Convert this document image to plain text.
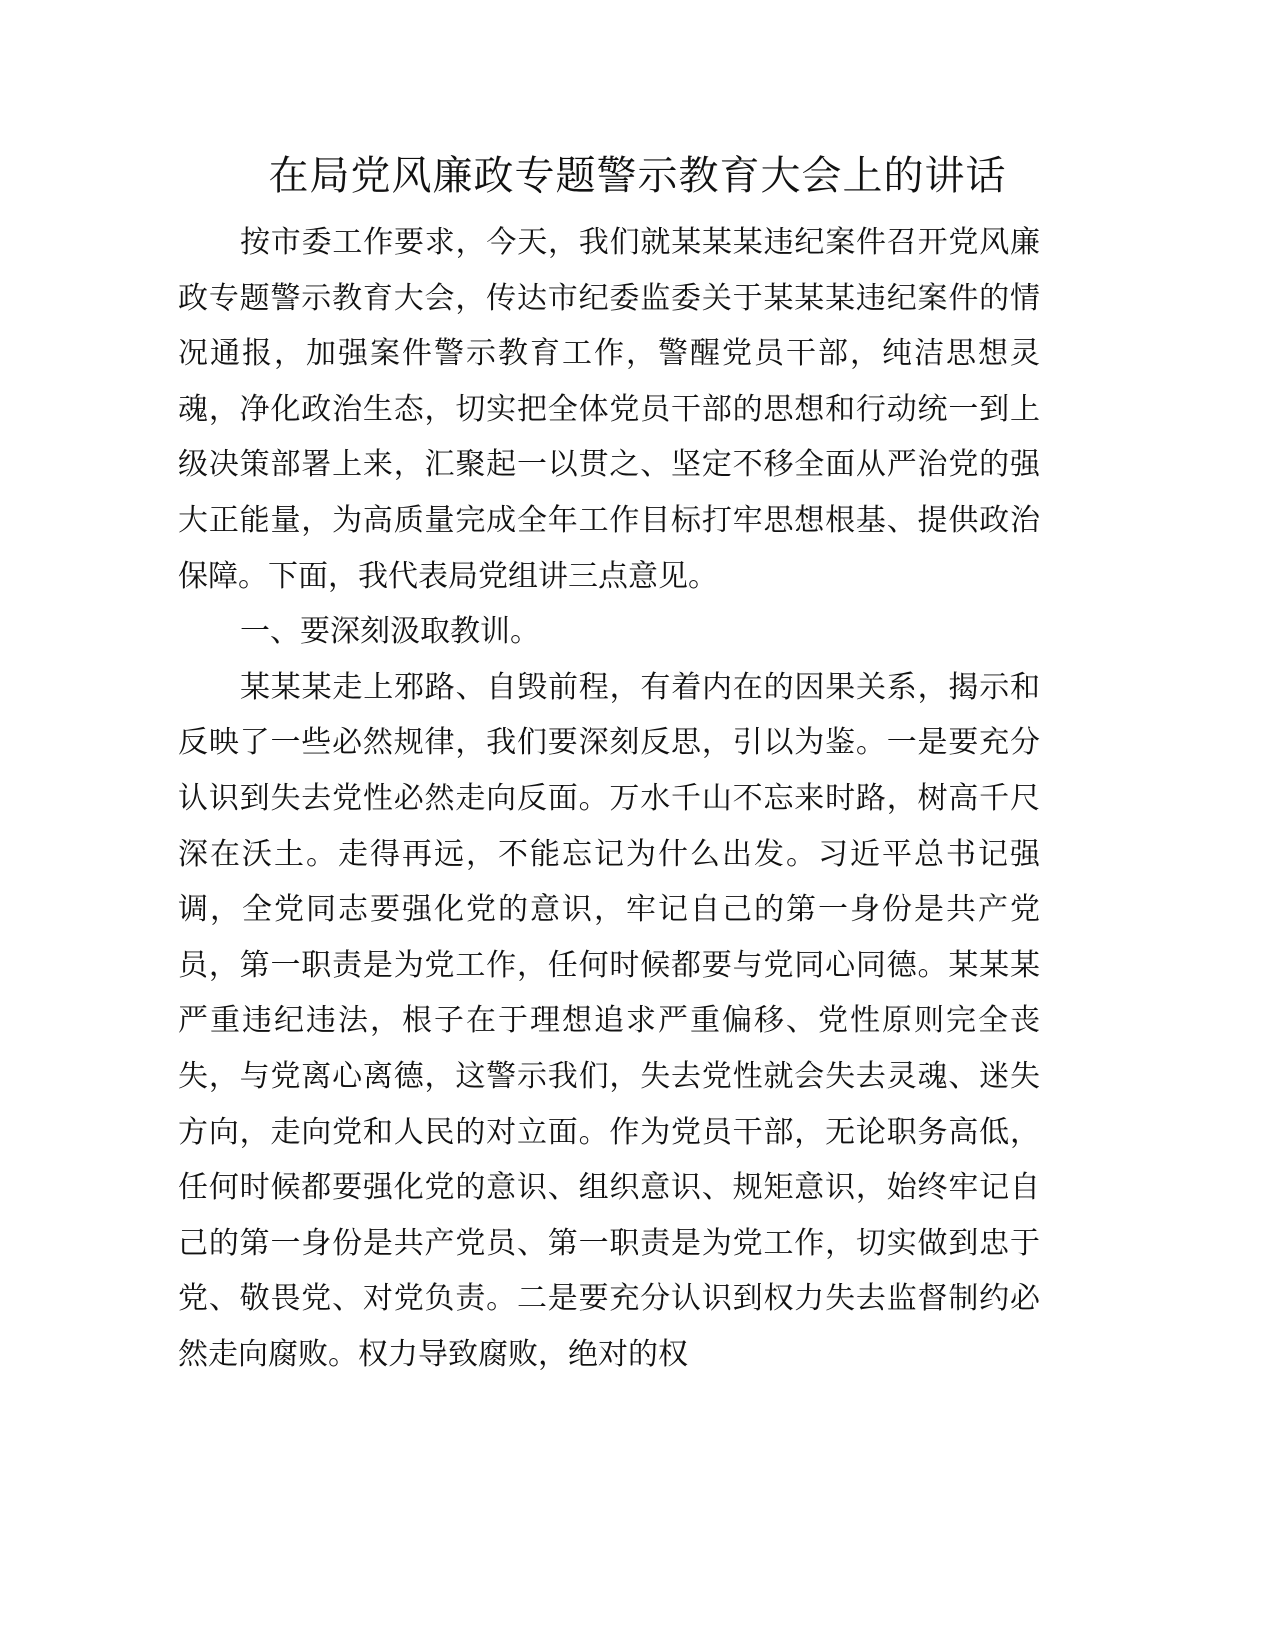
在局党风廉政专题警示教育大会上的讲话

按市委工作要求，今天，我们就某某某违纪案件召开党风廉政专题警示教育大会，传达市纪委监委关于某某某违纪案件的情况通报，加强案件警示教育工作，警醒党员干部，纯洁思想灵魂，净化政治生态，切实把全体党员干部的思想和行动统一到上级决策部署上来，汇聚起一以贯之、坚定不移全面从严治党的强大正能量，为高质量完成全年工作目标打牢思想根基、提供政治保障。下面，我代表局党组讲三点意见。

一、要深刻汲取教训。

某某某走上邪路、自毁前程，有着内在的因果关系，揭示和反映了一些必然规律，我们要深刻反思，引以为鉴。一是要充分认识到失去党性必然走向反面。万水千山不忘来时路，树高千尺深在沃土。走得再远，不能忘记为什么出发。习近平总书记强调，全党同志要强化党的意识，牢记自己的第一身份是共产党员，第一职责是为党工作，任何时候都要与党同心同德。某某某严重违纪违法，根子在于理想追求严重偏移、党性原则完全丧失，与党离心离德，这警示我们，失去党性就会失去灵魂、迷失方向，走向党和人民的对立面。作为党员干部，无论职务高低，任何时候都要强化党的意识、组织意识、规矩意识，始终牢记自己的第一身份是共产党员、第一职责是为党工作，切实做到忠于党、敬畏党、对党负责。二是要充分认识到权力失去监督制约必然走向腐败。权力导致腐败，绝对的权
